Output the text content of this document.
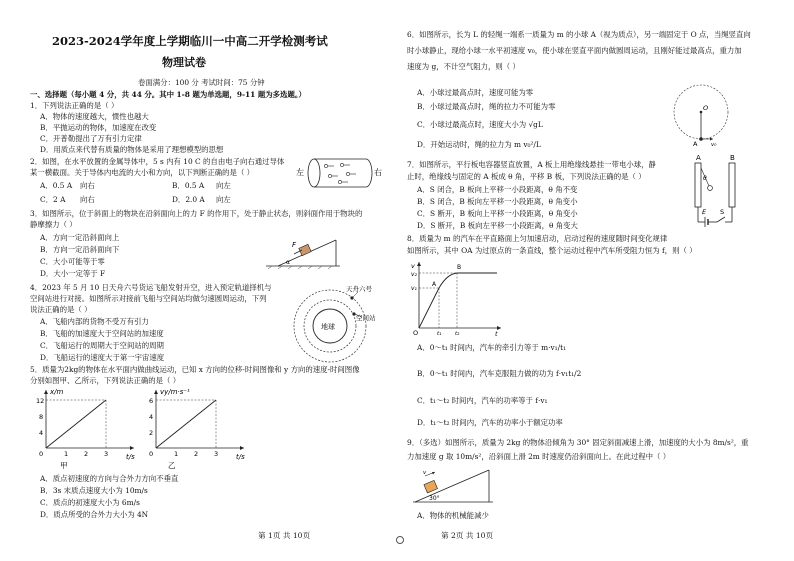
2023-2024学年度上学期临川一中高二开学检测考试
物理试卷
卷面满分：100 分 考试时间：75 分钟
一、选择题（每小题 4 分，共 44 分。其中 1-8 题为单选题，9-11 题为多选题。）
1．下列说法正确的是（ ）
A．物体的速度越大，惯性也越大
B．平抛运动的物体，加速度在改变
C．开普勒提出了万有引力定律
D．用质点来代替有质量的物体是采用了理想模型的思想
2．如图，在水平放置的金属导体中，5 s 内有 10 C 的自由电子向右通过导体
某一横截面。关于导体内电流的大小和方向，以下判断正确的是（ ）
A．0.5 A 向右	B．0.5 A 向左
C．2 A 向右	D．2.0 A 向左
左	右
3．如图所示，位于斜面上的物块在沿斜面向上的力 F 的作用下，处于静止状态，则斜面作用于物块的
静摩擦力（ ）
A．方向一定沿斜面向上
B．方向一定沿斜面向下
C．大小可能等于零
D．大小一定等于 F
F
α
4．2023 年 5 月 10 日天舟六号货运飞船发射升空，进入预定轨道择机与
空间站进行对接。如图所示对接前飞船与空间站均做匀速圆周运动，下列
说法正确的是（ ）
A．飞船内部的货物不受万有引力
B．飞船的加速度大于空间站的加速度
C．飞船运行的周期大于空间站的周期
D．飞船运行的速度大于第一宇宙速度
地球
天舟六号
空间站
5．质量为2kg的物体在水平面内做曲线运动，已知 x 方向的位移-时间图像和 y 方向的速度-时间图像
分别如图甲、乙所示，下列说法正确的是（ ）
x/m
t/s
12
8
4
0	1 2 3
甲
vy/m·s⁻¹
t/s
6
4
2
0	1 2 3
乙
A．质点初速度的方向与合外力方向不垂直
B．3s 末质点速度大小为 10m/s
C．质点的初速度大小为 6m/s
D．质点所受的合外力大小为 4N
第 1页 共 10页
6．如图所示，长为 L 的轻绳一端系一质量为 m 的小球 A（视为质点），另一端固定于 O 点，当绳竖直向
时小球静止，现给小球一水平初速度 v₀，使小球在竖直平面内做圆周运动，且刚好能过最高点，重力加
速度为 g，不计空气阻力，则（ ）
A．小球过最高点时，速度可能为零
B．小球过最高点时，绳的拉力不可能为零
C．小球过最高点时，速度大小为 √gL
D．开始运动时，绳的拉力为 m v₀²/L
O
A v₀
7．如图所示，平行板电容器竖直放置，A 板上用绝缘线悬挂一带电小球，静
止时，绝缘线与固定的 A 板成 θ 角，平移 B 板，下列说法正确的是（ ）
A．S 闭合，B 板向上平移一小段距离，θ 角不变
B．S 闭合，B 板向左平移一小段距离，θ 角变小
C．S 断开，B 板向上平移一小段距离，θ 角变小
D．S 断开，B 板向左平移一小段距离，θ 角变大
A	B
θ
E S
8．质量为 m 的汽车在平直路面上匀加速启动，启动过程的速度随时间变化规律
如图所示，其中 OA 为过原点的一条直线，整个运动过程中汽车所受阻力恒为 f，则（ ）
v
t
O
v₂
v₁
A
B
t₁ t₂
A．0～t₁ 时间内，汽车的牵引力等于 m·v₁/t₁
B．0～t₁ 时间内，汽车克服阻力做的功为 f·v₁t₁/2
C．t₁～t₂ 时间内，汽车的功率等于 f·v₁
D．t₁～t₂ 时间内，汽车的功率小于额定功率
9．（多选）如图所示，质量为 2kg 的物体沿倾角为 30° 固定斜面减速上滑，加速度的大小为 8m/s²，重
力加速度 g 取 10m/s²，沿斜面上滑 2m 时速度仍沿斜面向上。在此过程中（ ）
v
30°
A．物体的机械能减少
第 2页 共 10页
